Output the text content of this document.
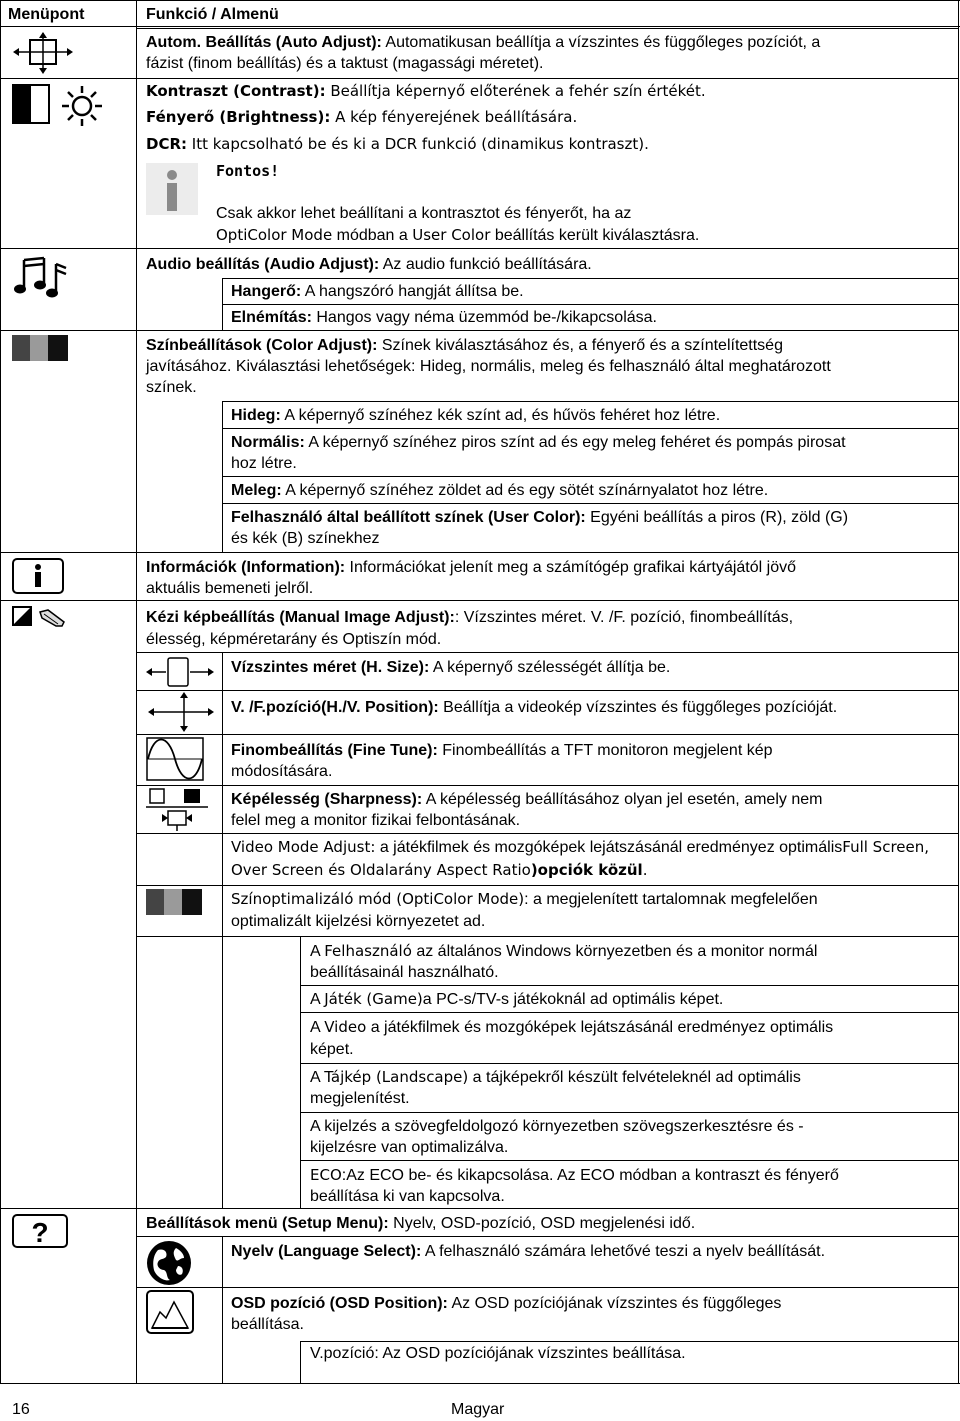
Menüpont	Funkció / Almenü
Autom. Beállítás (Auto Adjust): Automatikusan beállítja a vízszintes és függőleges pozíciót, a
fázist (finom beállítás) és a taktust (magassági méretet).
Kontraszt (Contrast): Beállítja képernyő előterének a fehér szín értékét.
Fényerő (Brightness): A kép fényerejének beállítására.
DCR: Itt kapcsolható be és ki a DCR funkció (dinamikus kontraszt).
Fontos!
Csak akkor lehet beállítani a kontrasztot és fényerőt, ha az
OptiColor Mode módban a User Color beállítás került kiválasztásra.
Audio beállítás (Audio Adjust): Az audio funkció beállítására.
Hangerő: A hangszóró hangját állítsa be.
Elnémítás: Hangos vagy néma üzemmód be-/kikapcsolása.
Színbeállítások (Color Adjust): Színek kiválasztásához és, a fényerő és a színtelítettség
javításához. Kiválasztási lehetőségek: Hideg, normális, meleg és felhasználó által meghatározott
színek.
Hideg: A képernyő színéhez kék színt ad, és hűvös fehéret hoz létre.
Normális: A képernyő színéhez piros színt ad és egy meleg fehéret és pompás pirosat
hoz létre.
Meleg: A képernyő színéhez zöldet ad és egy sötét színárnyalatot hoz létre.
Felhasználó által beállított színek (User Color): Egyéni beállítás a piros (R), zöld (G)
és kék (B) színekhez
Információk (Information): Információkat jelenít meg a számítógép grafikai kártyájától jövő
aktuális bemeneti jelről.
Kézi képbeállítás (Manual Image Adjust):: Vízszintes méret. V. /F. pozíció, finombeállítás,
élesség, képméretarány és Optiszín mód.
Vízszintes méret (H. Size): A képernyő szélességét állítja be.
V. /F.pozíció(H./V. Position): Beállítja a videokép vízszintes és függőleges pozícióját.
Finombeállítás (Fine Tune): Finombeállítás a TFT monitoron megjelent kép
módosítására.
Képélesség (Sharpness): A képélesség beállításához olyan jel esetén, amely nem
felel meg a monitor fizikai felbontásának.
Video Mode Adjust: a játékfilmek és mozgóképek lejátszásánál eredményez optimálisFull Screen,
Over Screen és Oldalarány Aspect Ratio)opciók közül.
Színoptimalizáló mód (OptiColor Mode): a megjelenített tartalomnak megfelelően
optimalizált kijelzési környezetet ad.
A Felhasználó az általános Windows környezetben és a monitor normál
beállításainál használható.
A Játék (Game)a PC-s/TV-s játékoknál ad optimális képet.
A Video a játékfilmek és mozgóképek lejátszásánál eredményez optimális
képet.
A Tájkép (Landscape) a tájképekről készült felvételeknél ad optimális
megjelenítést.
A kijelzés a szövegfeldolgozó környezetben szövegszerkesztésre és -
kijelzésre van optimalizálva.
ECO:Az ECO be- és kikapcsolása. Az ECO módban a kontraszt és fényerő
beállítása ki van kapcsolva.
?	Beállítások menü (Setup Menu): Nyelv, OSD-pozíció, OSD megjelenési idő.
Nyelv (Language Select): A felhasználó számára lehetővé teszi a nyelv beállítását.
OSD pozíció (OSD Position): Az OSD pozíciójának vízszintes és függőleges
beállítása.
V.pozíció: Az OSD pozíciójának vízszintes beállítása.
16	Magyar
